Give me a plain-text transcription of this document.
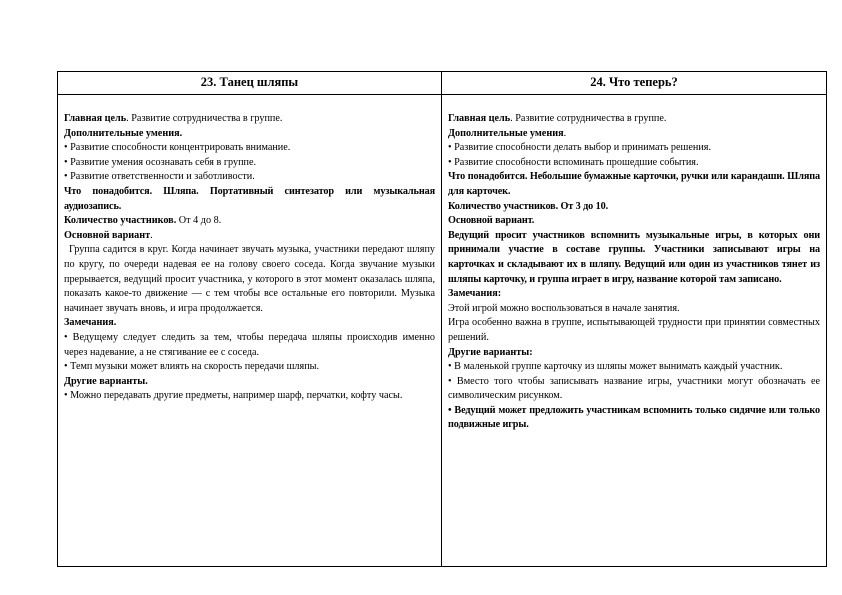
23. Танец шляпы

Главная цель. Развитие сотрудничества в группе.

Дополнительные умения.

• Развитие способности концентрировать внимание.

• Развитие умения осознавать себя в группе.

• Развитие ответственности и заботливости.

Что понадобится. Шляпа. Портативный синтезатор или музыкальная аудиозапись.

Количество участников. От 4 до 8.

Основной вариант.

Группа садится в круг. Когда начинает звучать музыка, участники передают шляпу по кругу, по очереди надевая ее на голову своего соседа. Когда звучание музыки прерывается, ведущий просит участника, у которого в этот момент оказалась шляпа, показать какое-то движение — с тем чтобы все остальные его повторили. Музыка начинает звучать вновь, и игра продолжается.

Замечания.

• Ведущему следует следить за тем, чтобы передача шляпы происходив именно через надевание, а не стягивание ее с соседа.

• Темп музыки может влиять на скорость передачи шляпы.

Другие варианты.

• Можно передавать другие предметы, например шарф, перчатки, кофту часы.

24. Что теперь?

Главная цель. Развитие сотрудничества в группе.

Дополнительные умения.

• Развитие способности делать выбор и принимать решения.

• Развитие способности вспоминать прошедшие события.

Что понадобится. Небольшие бумажные карточки, ручки или карандаши. Шляпа для карточек.

Количество участников. От 3 до 10.

Основной вариант.

Ведущий просит участников вспомнить музыкальные игры, в которых они принимали участие в составе группы. Участники записывают игры на карточках и складывают их в шляпу. Ведущий или один из участников тянет из шляпы карточку, и группа играет в игру, название которой там записано.

Замечания:

Этой игрой можно воспользоваться в начале занятия.

Игра особенно важна в группе, испытывающей трудности при принятии совместных решений.

Другие варианты:

• В маленькой группе карточку из шляпы может вынимать каждый участник.

• Вместо того чтобы записывать название игры, участники могут обозначать ее символическим рисунком.

• Ведущий может предложить участникам вспомнить только сидячие или только подвижные игры.
